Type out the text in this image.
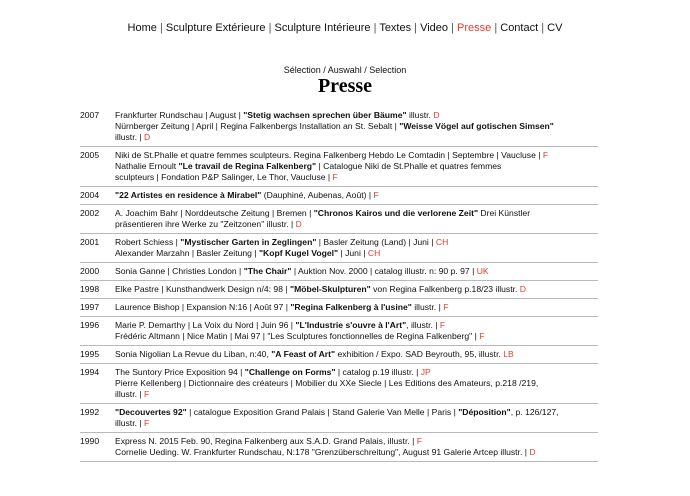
Home | Sculpture Extérieure | Sculpture Intérieure | Textes | Video | Presse | Contact | CV
Sélection / Auswahl / Selection
Presse
2007	Frankfurter Rundschau | August | "Stetig wachsen sprechen über Bäume" illustr. D
Nürnberger Zeitung | April | Regina Falkenbergs Installation an St. Sebalt | "Weisse Vögel auf gotischen Simsen"
illustr. | D
2005	Niki de St.Phalle et quatre femmes sculpteurs. Regina Falkenberg Hebdo Le Comtadin | Septembre | Vaucluse | F
Nathalie Ernoult "Le travail de Regina Falkenberg" | Catalogue Niki de St.Phalle et quatres femmes
sculpteurs | Fondation P&P Salinger, Le Thor, Vaucluse | F
2004	"22 Artistes en residence à Mirabel" (Dauphiné, Aubenas, Août) | F
2002	A. Joachim Bahr | Norddeutsche Zeitung | Bremen | "Chronos Kairos und die verlorene Zeit" Drei Künstler
präsentieren ihre Werke zu "Zeitzonen" illustr. | D
2001	Robert Schiess | "Mystischer Garten in Zeglingen" | Basler Zeitung (Land) | Juni | CH
Alexander Marzahn | Basler Zeitung | "Kopf Kugel Vogel" | Juni | CH
2000	Sonia Ganne | Christies London | "The Chair" | Auktion Nov. 2000 | catalog illustr. n: 90 p. 97 | UK
1998	Elke Pastre | Kunsthandwerk Design n/4: 98 | "Möbel-Skulpturen" von Regina Falkenberg p.18/23 illustr. D
1997	Laurence Bishop | Expansion N:16 | Août 97 | "Regina Falkenberg à l'usine" illustr. | F
1996	Marie P. Demarthy | La Voix du Nord | Juin 96 | "L'Industrie s'ouvre à l'Art", illustr. | F
Frédéric Altmann | Nice Matin | Mai 97 | "Les Sculptures fonctionnelles de Regina Falkenberg" | F
1995	Sonia Nigolian La Revue du Liban, n:40, "A Feast of Art" exhibition / Expo. SAD Beyrouth, 95, illustr. LB
1994	The Suntory Price Exposition 94 | "Challenge on Forms" | catalog p.19 illustr. | JP
Pierre Kellenberg | Dictionnaire des créateurs | Mobilier du XXe Siecle | Les Editions des Amateurs, p.218 /219,
illustr. | F
1992	"Decouvertes 92" | catalogue Exposition Grand Palais | Stand Galerie Van Melle | Paris | "Déposition", p. 126/127,
illustr. | F
1990	Express N. 2015 Feb. 90, Regina Falkenberg aux S.A.D. Grand Palais, illustr. | F
Cornelie Ueding. W. Frankfurter Rundschau, N:178 "Grenzüberschreitung", August 91 Galerie Artcep illustr. | D
